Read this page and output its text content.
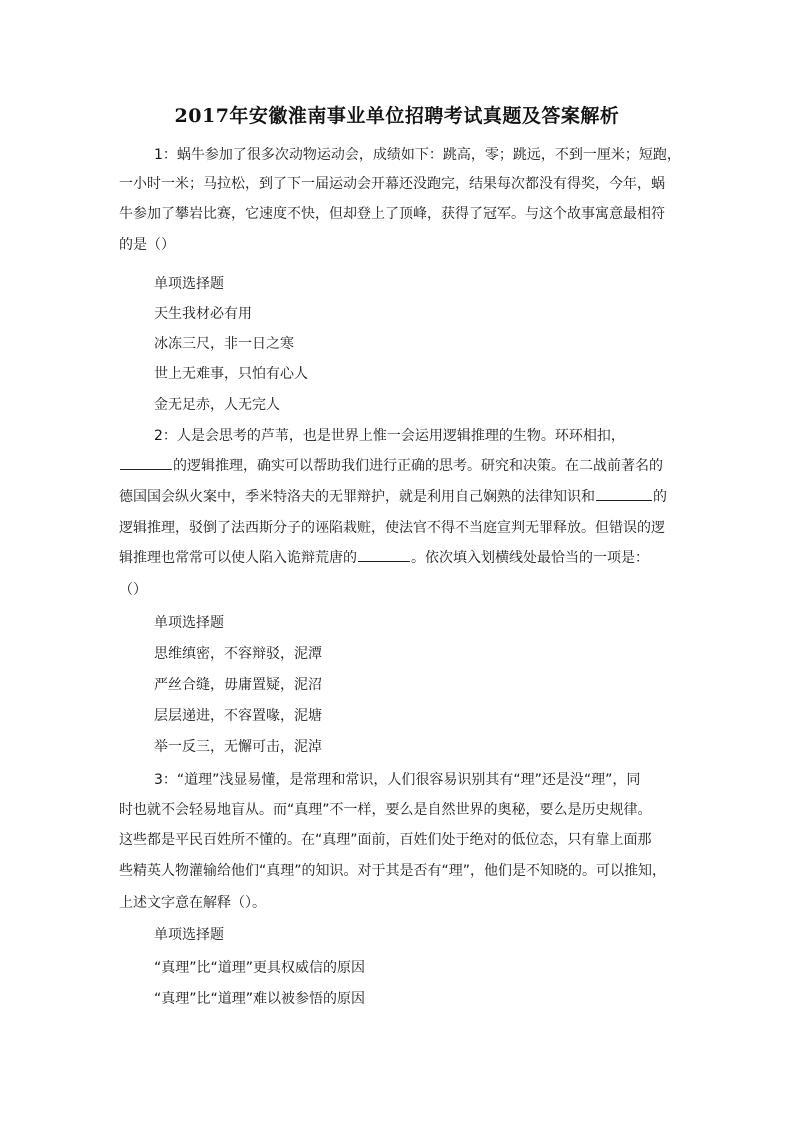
2017年安徽淮南事业单位招聘考试真题及答案解析
1：蜗牛参加了很多次动物运动会，成绩如下：跳高，零；跳远，不到一厘米；短跑，
一小时一米；马拉松，到了下一届运动会开幕还没跑完，结果每次都没有得奖，今年，蜗
牛参加了攀岩比赛，它速度不快，但却登上了顶峰，获得了冠军。与这个故事寓意最相符
的是（）
单项选择题
天生我材必有用
冰冻三尺，非一日之寒
世上无难事，只怕有心人
金无足赤，人无完人
2：人是会思考的芦苇，也是世界上惟一会运用逻辑推理的生物。环环相扣，
的逻辑推理，确实可以帮助我们进行正确的思考。研究和决策。在二战前著名的
德国国会纵火案中，季米特洛夫的无罪辩护，就是利用自己娴熟的法律知识和	的
逻辑推理，驳倒了法西斯分子的诬陷栽赃，使法官不得不当庭宣判无罪释放。但错误的逻
辑推理也常常可以使人陷入诡辩荒唐的	。依次填入划横线处最恰当的一项是：
（）
单项选择题
思维缜密，不容辩驳，泥潭
严丝合缝，毋庸置疑，泥沼
层层递进，不容置喙，泥塘
举一反三，无懈可击，泥淖
3：“道理”浅显易懂，是常理和常识，人们很容易识别其有“理”还是没“理”，同
时也就不会轻易地盲从。而“真理”不一样，要么是自然世界的奥秘，要么是历史规律。
这些都是平民百姓所不懂的。在“真理”面前，百姓们处于绝对的低位态，只有靠上面那
些精英人物灌输给他们“真理”的知识。对于其是否有“理”，他们是不知晓的。可以推知，
上述文字意在解释（）。
单项选择题
“真理”比“道理”更具权威信的原因
“真理”比“道理”难以被参悟的原因
